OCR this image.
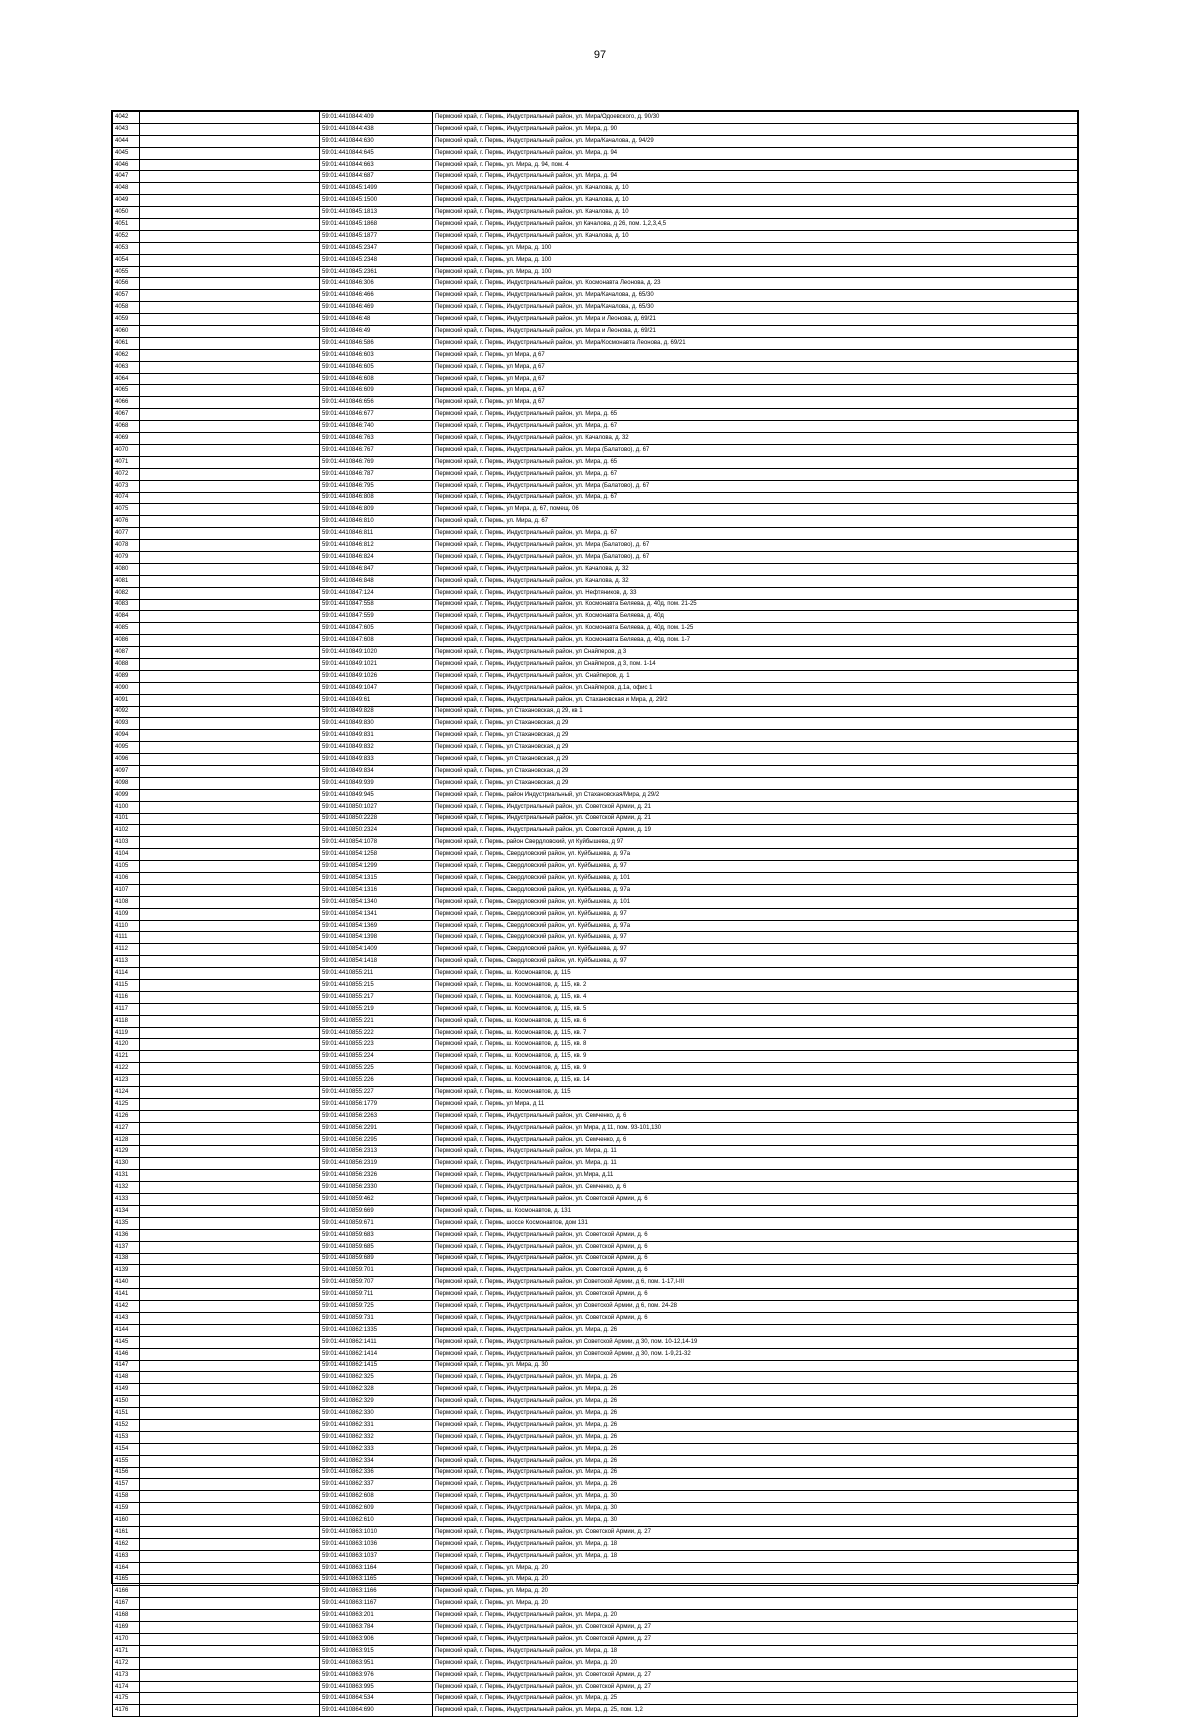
97
4042		59:01:4410844:409	Пермский край, г. Пермь, Индустриальный район, ул. Мира/Одоевского, д. 90/30
4043		59:01:4410844:438	Пермский край, г. Пермь, Индустриальный район, ул. Мира, д. 90
4044		59:01:4410844:630	Пермский край, г. Пермь, Индустриальный район, ул. Мира/Качалова, д. 94/29
4045		59:01:4410844:645	Пермский край, г. Пермь, Индустриальный район, ул. Мира, д. 94
4046		59:01:4410844:663	Пермский край, г. Пермь, ул. Мира, д. 94, пом. 4
4047		59:01:4410844:687	Пермский край, г. Пермь, Индустриальный район, ул. Мира, д. 94
4048		59:01:4410845:1499	Пермский край, г. Пермь, Индустриальный район, ул. Качалова, д. 10
4049		59:01:4410845:1500	Пермский край, г. Пермь, Индустриальный район, ул. Качалова, д. 10
4050		59:01:4410845:1813	Пермский край, г. Пермь, Индустриальный район, ул. Качалова, д. 10
4051		59:01:4410845:1868	Пермский край, г. Пермь, Индустриальный район, ул Качалова, д 26, пом. 1,2,3,4,5
4052		59:01:4410845:1877	Пермский край, г. Пермь, Индустриальный район, ул. Качалова, д. 10
4053		59:01:4410845:2347	Пермский край, г. Пермь, ул. Мира, д. 100
4054		59:01:4410845:2348	Пермский край, г. Пермь, ул. Мира, д. 100
4055		59:01:4410845:2361	Пермский край, г. Пермь, ул. Мира, д. 100
4056		59:01:4410846:306	Пермский край, г. Пермь, Индустриальный район, ул. Космонавта Леонова, д. 23
4057		59:01:4410846:466	Пермский край, г. Пермь, Индустриальный район, ул. Мира/Качалова, д. 65/30
4058		59:01:4410846:469	Пермский край, г. Пермь, Индустриальный район, ул. Мира/Качалова, д. 65/30
4059		59:01:4410846:48	Пермский край, г. Пермь, Индустриальный район, ул. Мира и Леонова, д. 69/21
4060		59:01:4410846:49	Пермский край, г. Пермь, Индустриальный район, ул. Мира и Леонова, д. 69/21
4061		59:01:4410846:586	Пермский край, г. Пермь, Индустриальный район, ул. Мира/Космонавта Леонова, д. 69/21
4062		59:01:4410846:603	Пермский край, г. Пермь, ул Мира, д 67
4063		59:01:4410846:605	Пермский край, г. Пермь, ул Мира, д 67
4064		59:01:4410846:608	Пермский край, г. Пермь, ул Мира, д 67
4065		59:01:4410846:609	Пермский край, г. Пермь, ул Мира, д 67
4066		59:01:4410846:656	Пермский край, г. Пермь, ул Мира, д 67
4067		59:01:4410846:677	Пермский край, г. Пермь, Индустриальный район, ул. Мира, д. 65
4068		59:01:4410846:740	Пермский край, г. Пермь, Индустриальный район, ул. Мира, д. 67
4069		59:01:4410846:763	Пермский край, г. Пермь, Индустриальный район, ул. Качалова, д. 32
4070		59:01:4410846:767	Пермский край, г. Пермь, Индустриальный район, ул. Мира (Балатово), д. 67
4071		59:01:4410846:769	Пермский край, г. Пермь, Индустриальный район, ул. Мира, д. 65
4072		59:01:4410846:787	Пермский край, г. Пермь, Индустриальный район, ул. Мира, д. 67
4073		59:01:4410846:795	Пермский край, г. Пермь, Индустриальный район, ул. Мира (Балатово), д. 67
4074		59:01:4410846:808	Пермский край, г. Пермь, Индустриальный район, ул. Мира, д. 67
4075		59:01:4410846:809	Пермский край, г. Пермь, ул Мира, д. 67, помещ. 06
4076		59:01:4410846:810	Пермский край, г. Пермь, ул. Мира, д. 67
4077		59:01:4410846:811	Пермский край, г. Пермь, Индустриальный район, ул. Мира, д. 67
4078		59:01:4410846:812	Пермский край, г. Пермь, Индустриальный район, ул. Мира (Балатово), д. 67
4079		59:01:4410846:824	Пермский край, г. Пермь, Индустриальный район, ул. Мира (Балатово), д. 67
4080		59:01:4410846:847	Пермский край, г. Пермь, Индустриальный район, ул. Качалова, д. 32
4081		59:01:4410846:848	Пермский край, г. Пермь, Индустриальный район, ул. Качалова, д. 32
4082		59:01:4410847:124	Пермский край, г. Пермь, Индустриальный район, ул. Нефтяников, д. 33
4083		59:01:4410847:558	Пермский край, г. Пермь, Индустриальный район, ул. Космонавта Беляева, д. 40д, пом. 21-25
4084		59:01:4410847:559	Пермский край, г. Пермь, Индустриальный район, ул. Космонавта Беляева, д. 40д
4085		59:01:4410847:605	Пермский край, г. Пермь, Индустриальный район, ул. Космонавта Беляева, д. 40д, пом. 1-25
4086		59:01:4410847:608	Пермский край, г. Пермь, Индустриальный район, ул. Космонавта Беляева, д. 40д, пом. 1-7
4087		59:01:4410849:1020	Пермский край, г. Пермь, Индустриальный район, ул Снайперов, д 3
4088		59:01:4410849:1021	Пермский край, г. Пермь, Индустриальный район, ул Снайперов, д 3, пом. 1-14
4089		59:01:4410849:1026	Пермский край, г. Пермь, Индустриальный район, ул. Снайперов, д. 1
4090		59:01:4410849:1047	Пермский край, г. Пермь, Индустриальный район, ул.Снайперов, д.1а, офис 1
4091		59:01:4410849:61	Пермский край, г. Пермь, Индустриальный район, ул. Стахановская и Мира, д. 29/2
4092		59:01:4410849:828	Пермский край, г. Пермь, ул Стахановская, д 29, кв 1
4093		59:01:4410849:830	Пермский край, г. Пермь, ул Стахановская, д 29
4094		59:01:4410849:831	Пермский край, г. Пермь, ул Стахановская, д 29
4095		59:01:4410849:832	Пермский край, г. Пермь, ул Стахановская, д 29
4096		59:01:4410849:833	Пермский край, г. Пермь, ул Стахановская, д 29
4097		59:01:4410849:834	Пермский край, г. Пермь, ул Стахановская, д 29
4098		59:01:4410849:939	Пермский край, г. Пермь, ул Стахановская, д 29
4099		59:01:4410849:945	Пермский край, г. Пермь, район Индустриальный, ул Стахановская/Мира, д 29/2
4100		59:01:4410850:1027	Пермский край, г. Пермь, Индустриальный район, ул. Советской Армии, д. 21
4101		59:01:4410850:2228	Пермский край, г. Пермь, Индустриальный район, ул. Советской Армии, д. 21
4102		59:01:4410850:2324	Пермский край, г. Пермь, Индустриальный район, ул. Советской Армии, д. 19
4103		59:01:4410854:1078	Пермский край, г. Пермь, район Свердловский, ул Куйбышева, д 97
4104		59:01:4410854:1258	Пермский край, г. Пермь, Свердловский район, ул. Куйбышева, д. 97а
4105		59:01:4410854:1299	Пермский край, г. Пермь, Свердловский район, ул. Куйбышева, д. 97
4106		59:01:4410854:1315	Пермский край, г. Пермь, Свердловский район, ул. Куйбышева, д. 101
4107		59:01:4410854:1316	Пермский край, г. Пермь, Свердловский район, ул. Куйбышева, д. 97а
4108		59:01:4410854:1340	Пермский край, г. Пермь, Свердловский район, ул. Куйбышева, д. 101
4109		59:01:4410854:1341	Пермский край, г. Пермь, Свердловский район, ул. Куйбышева, д. 97
4110		59:01:4410854:1369	Пермский край, г. Пермь, Свердловский район, ул. Куйбышева, д. 97а
4111		59:01:4410854:1398	Пермский край, г. Пермь, Свердловский район, ул. Куйбышева, д. 97
4112		59:01:4410854:1409	Пермский край, г. Пермь, Свердловский район, ул. Куйбышева, д. 97
4113		59:01:4410854:1418	Пермский край, г. Пермь, Свердловский район, ул. Куйбышева, д. 97
4114		59:01:4410855:211	Пермский край, г. Пермь, ш. Космонавтов, д. 115
4115		59:01:4410855:215	Пермский край, г. Пермь, ш. Космонавтов, д. 115, кв. 2
4116		59:01:4410855:217	Пермский край, г. Пермь, ш. Космонавтов, д. 115, кв. 4
4117		59:01:4410855:219	Пермский край, г. Пермь, ш. Космонавтов, д. 115, кв. 5
4118		59:01:4410855:221	Пермский край, г. Пермь, ш. Космонавтов, д. 115, кв. 6
4119		59:01:4410855:222	Пермский край, г. Пермь, ш. Космонавтов, д. 115, кв. 7
4120		59:01:4410855:223	Пермский край, г. Пермь, ш. Космонавтов, д. 115, кв. 8
4121		59:01:4410855:224	Пермский край, г. Пермь, ш. Космонавтов, д. 115, кв. 9
4122		59:01:4410855:225	Пермский край, г. Пермь, ш. Космонавтов, д. 115, кв. 9
4123		59:01:4410855:226	Пермский край, г. Пермь, ш. Космонавтов, д. 115, кв. 14
4124		59:01:4410855:227	Пермский край, г. Пермь, ш. Космонавтов, д. 115
4125		59:01:4410856:1779	Пермский край, г. Пермь, ул Мира, д 11
4126		59:01:4410856:2263	Пермский край, г. Пермь, Индустриальный район, ул. Семченко, д. 6
4127		59:01:4410856:2291	Пермский край, г. Пермь, Индустриальный район, ул Мира, д 11, пом. 93-101,130
4128		59:01:4410856:2295	Пермский край, г. Пермь, Индустриальный район, ул. Семченко, д. 6
4129		59:01:4410856:2313	Пермский край, г. Пермь, Индустриальный район, ул. Мира, д. 11
4130		59:01:4410856:2319	Пермский край, г. Пермь, Индустриальный район, ул. Мира, д. 11
4131		59:01:4410856:2326	Пермский край, г. Пермь, Индустриальный район, ул.Мира, д.11
4132		59:01:4410856:2330	Пермский край, г. Пермь, Индустриальный район, ул. Семченко, д. 6
4133		59:01:4410859:462	Пермский край, г. Пермь, Индустриальный район, ул. Советской Армии, д. 6
4134		59:01:4410859:669	Пермский край, г. Пермь, ш. Космонавтов, д. 131
4135		59:01:4410859:671	Пермский край, г. Пермь, шоссе Космонавтов, дом 131
4136		59:01:4410859:683	Пермский край, г. Пермь, Индустриальный район, ул. Советской Армии, д. 6
4137		59:01:4410859:685	Пермский край, г. Пермь, Индустриальный район, ул. Советской Армии, д. 6
4138		59:01:4410859:689	Пермский край, г. Пермь, Индустриальный район, ул. Советской Армии, д. 6
4139		59:01:4410859:701	Пермский край, г. Пермь, Индустриальный район, ул. Советской Армии, д. 6
4140		59:01:4410859:707	Пермский край, г. Пермь, Индустриальный район, ул Советской Армии, д 6, пом. 1-17,I-III
4141		59:01:4410859:711	Пермский край, г. Пермь, Индустриальный район, ул. Советской Армии, д. 6
4142		59:01:4410859:725	Пермский край, г. Пермь, Индустриальный район, ул Советской Армии, д 6, пом. 24-28
4143		59:01:4410859:731	Пермский край, г. Пермь, Индустриальный район, ул. Советской Армии, д. 6
4144		59:01:4410862:1335	Пермский край, г. Пермь, Индустриальный район, ул. Мира, д. 26
4145		59:01:4410862:1411	Пермский край, г. Пермь, Индустриальный район, ул Советской Армии, д 30, пом. 10-12,14-19
4146		59:01:4410862:1414	Пермский край, г. Пермь, Индустриальный район, ул Советской Армии, д 30, пом. 1-9,21-32
4147		59:01:4410862:1415	Пермский край, г. Пермь, ул. Мира, д. 30
4148		59:01:4410862:325	Пермский край, г. Пермь, Индустриальный район, ул. Мира, д. 26
4149		59:01:4410862:328	Пермский край, г. Пермь, Индустриальный район, ул. Мира, д. 26
4150		59:01:4410862:329	Пермский край, г. Пермь, Индустриальный район, ул. Мира, д. 26
4151		59:01:4410862:330	Пермский край, г. Пермь, Индустриальный район, ул. Мира, д. 26
4152		59:01:4410862:331	Пермский край, г. Пермь, Индустриальный район, ул. Мира, д. 26
4153		59:01:4410862:332	Пермский край, г. Пермь, Индустриальный район, ул. Мира, д. 26
4154		59:01:4410862:333	Пермский край, г. Пермь, Индустриальный район, ул. Мира, д. 26
4155		59:01:4410862:334	Пермский край, г. Пермь, Индустриальный район, ул. Мира, д. 26
4156		59:01:4410862:336	Пермский край, г. Пермь, Индустриальный район, ул. Мира, д. 26
4157		59:01:4410862:337	Пермский край, г. Пермь, Индустриальный район, ул. Мира, д. 26
4158		59:01:4410862:608	Пермский край, г. Пермь, Индустриальный район, ул. Мира, д. 30
4159		59:01:4410862:609	Пермский край, г. Пермь, Индустриальный район, ул. Мира, д. 30
4160		59:01:4410862:610	Пермский край, г. Пермь, Индустриальный район, ул. Мира, д. 30
4161		59:01:4410863:1010	Пермский край, г. Пермь, Индустриальный район, ул. Советской Армии, д. 27
4162		59:01:4410863:1036	Пермский край, г. Пермь, Индустриальный район, ул. Мира, д. 18
4163		59:01:4410863:1037	Пермский край, г. Пермь, Индустриальный район, ул. Мира, д. 18
4164		59:01:4410863:1164	Пермский край, г. Пермь, ул. Мира, д. 20
4165		59:01:4410863:1165	Пермский край, г. Пермь, ул. Мира, д. 20
4166		59:01:4410863:1166	Пермский край, г. Пермь, ул. Мира, д. 20
4167		59:01:4410863:1167	Пермский край, г. Пермь, ул. Мира, д. 20
4168		59:01:4410863:201	Пермский край, г. Пермь, Индустриальный район, ул. Мира, д. 20
4169		59:01:4410863:784	Пермский край, г. Пермь, Индустриальный район, ул. Советской Армии, д. 27
4170		59:01:4410863:906	Пермский край, г. Пермь, Индустриальный район, ул. Советской Армии, д. 27
4171		59:01:4410863:915	Пермский край, г. Пермь, Индустриальный район, ул. Мира, д. 18
4172		59:01:4410863:951	Пермский край, г. Пермь, Индустриальный район, ул. Мира, д. 20
4173		59:01:4410863:976	Пермский край, г. Пермь, Индустриальный район, ул. Советской Армии, д. 27
4174		59:01:4410863:995	Пермский край, г. Пермь, Индустриальный район, ул. Советской Армии, д. 27
4175		59:01:4410864:534	Пермский край, г. Пермь, Индустриальный район, ул. Мира, д. 25
4176		59:01:4410864:690	Пермский край, г. Пермь, Индустриальный район, ул. Мира, д. 25, пом. 1,2
